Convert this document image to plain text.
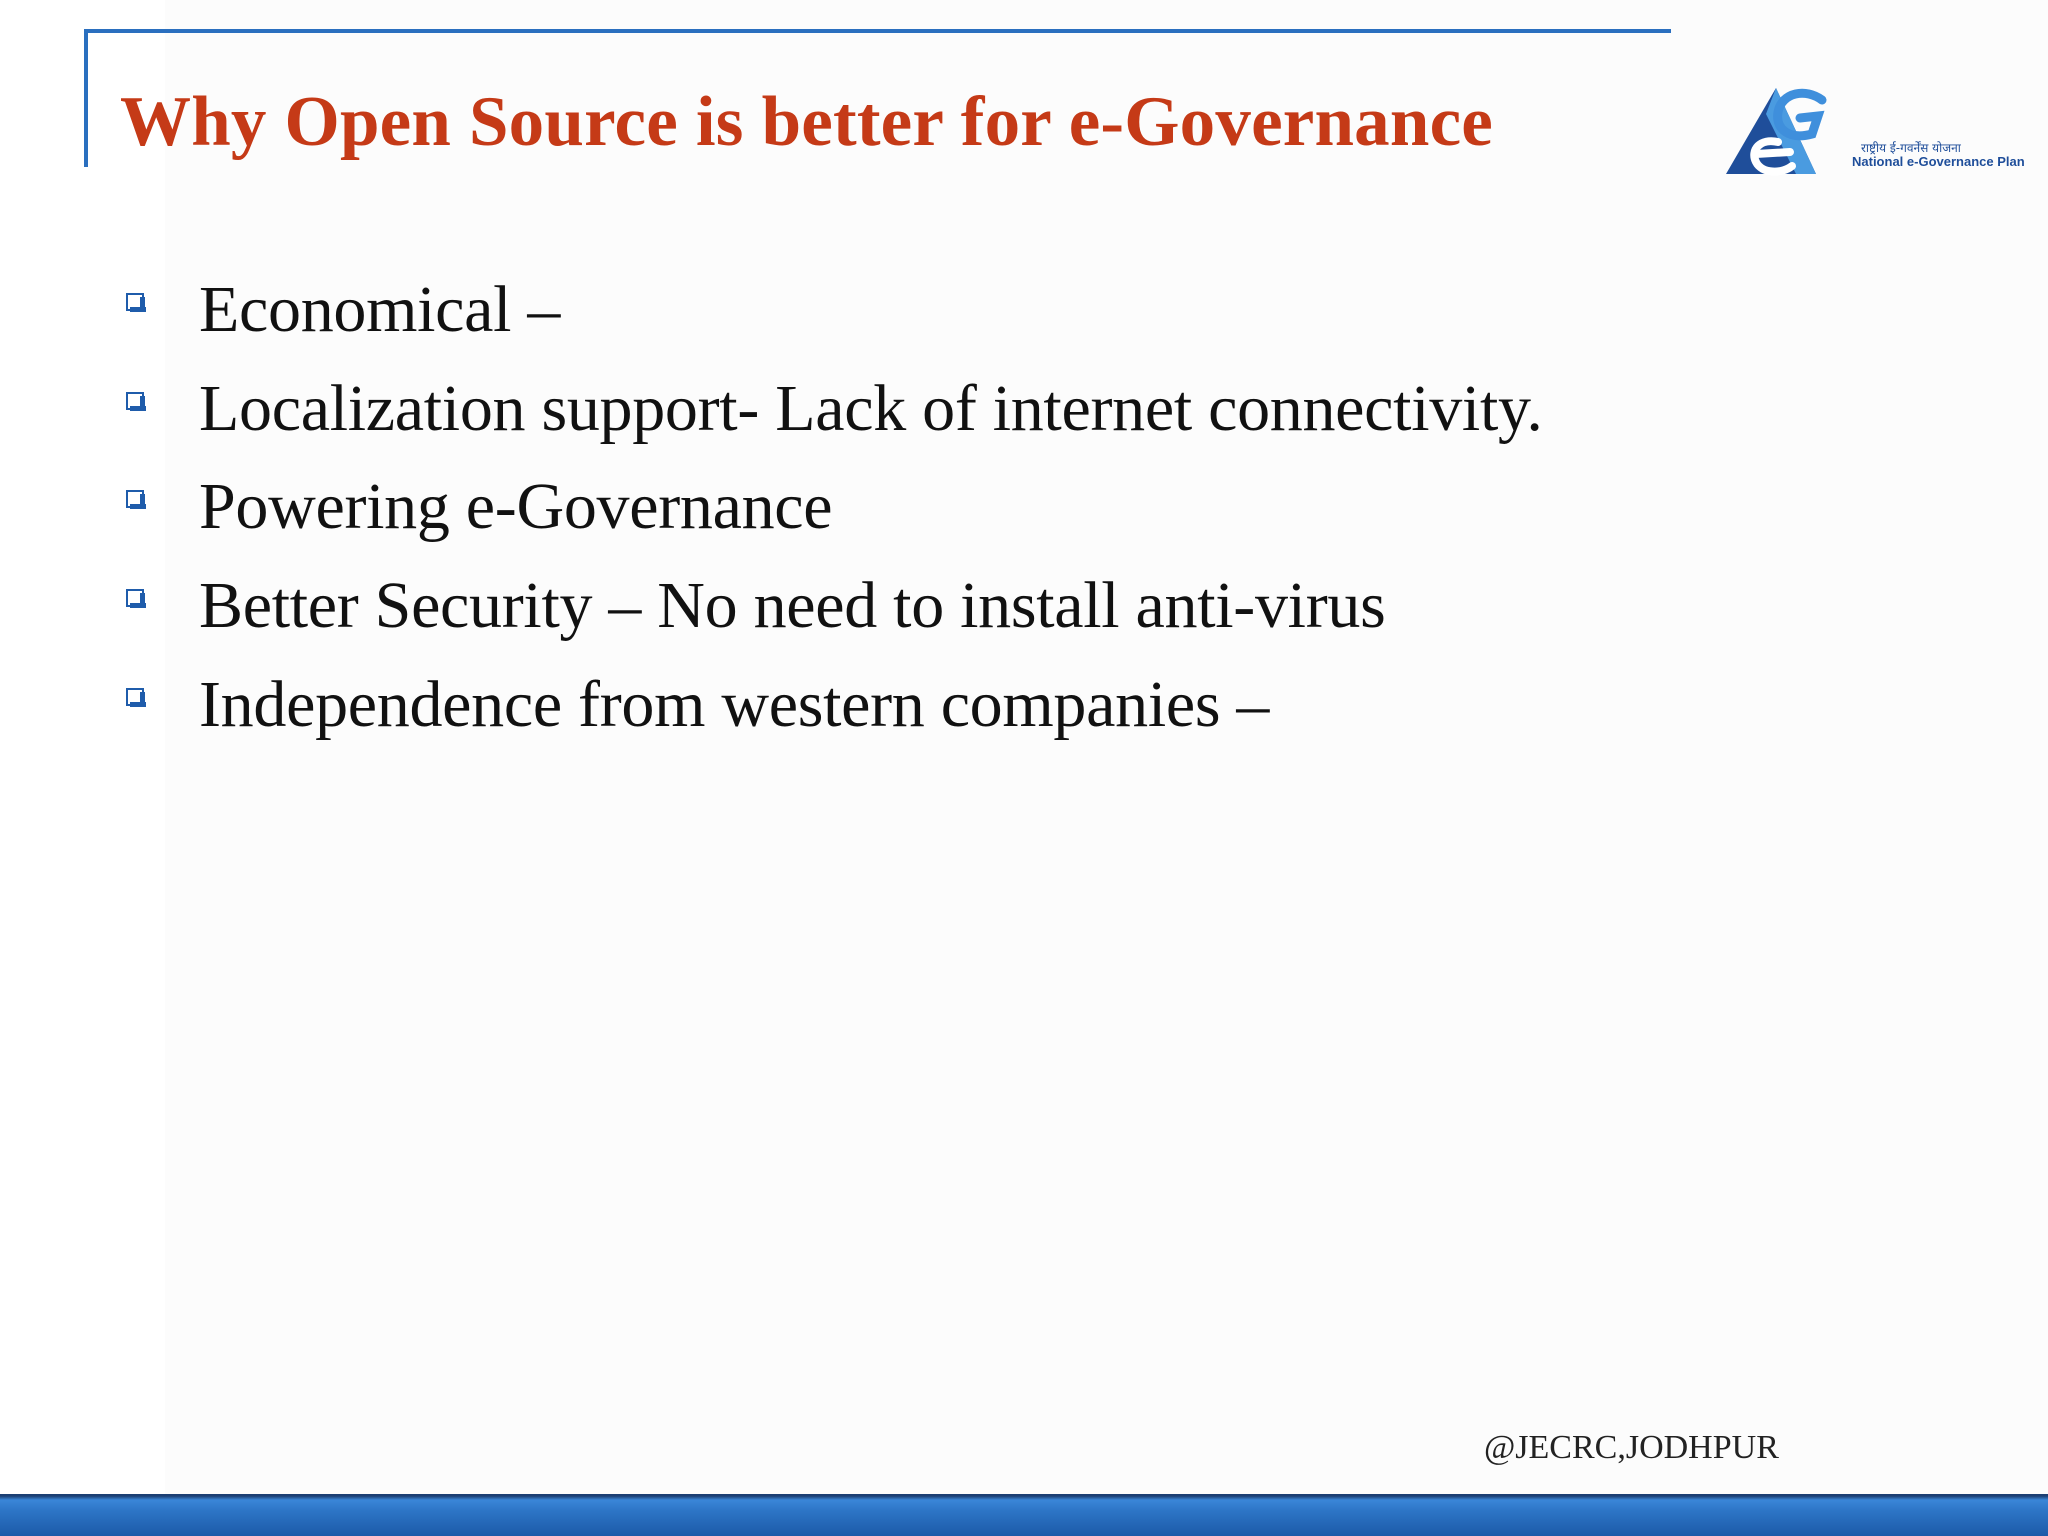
Why Open Source is better for e-Governance	राष्ट्रीय ई-गवर्नेंस योजना
National e-Governance Plan
Economical –
Localization support- Lack of internet connectivity.
Powering e-Governance
Better Security – No need to install anti-virus
Independence from western companies –
@JECRC,JODHPUR
